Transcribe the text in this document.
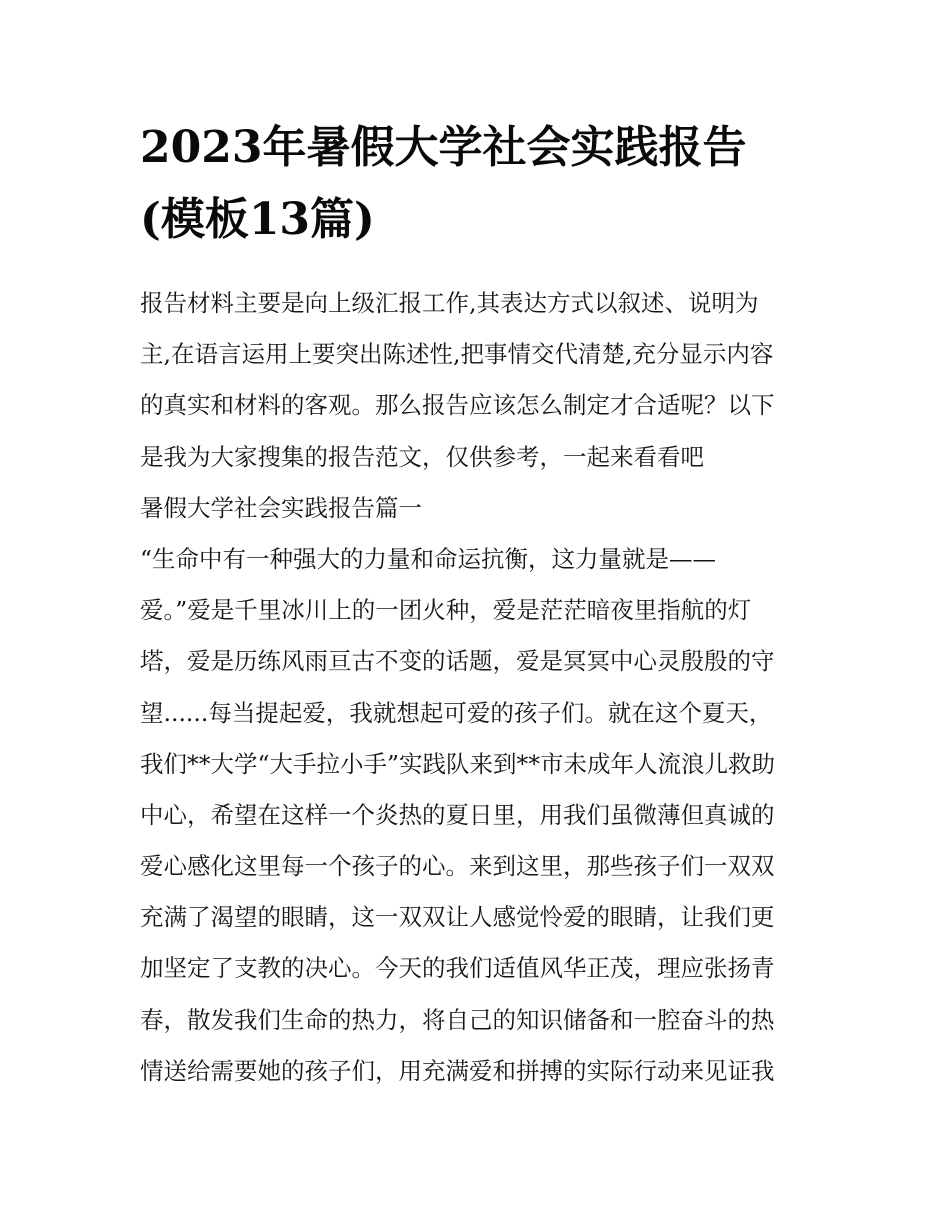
2023年暑假大学社会实践报告
(模板13篇)
报告材料主要是向上级汇报工作,其表达方式以叙述、说明为
主,在语言运用上要突出陈述性,把事情交代清楚,充分显示内容
的真实和材料的客观。那么报告应该怎么制定才合适呢？以下
是我为大家搜集的报告范文，仅供参考，一起来看看吧
暑假大学社会实践报告篇一
“生命中有一种强大的力量和命运抗衡，这力量就是——
爱。”爱是千里冰川上的一团火种，爱是茫茫暗夜里指航的灯
塔，爱是历练风雨亘古不变的话题，爱是冥冥中心灵殷殷的守
望......每当提起爱，我就想起可爱的孩子们。就在这个夏天，
我们**大学“大手拉小手”实践队来到**市未成年人流浪儿救助
中心，希望在这样一个炎热的夏日里，用我们虽微薄但真诚的
爱心感化这里每一个孩子的心。来到这里，那些孩子们一双双
充满了渴望的眼睛，这一双双让人感觉怜爱的眼睛，让我们更
加坚定了支教的决心。今天的我们适值风华正茂，理应张扬青
春，散发我们生命的热力，将自己的知识储备和一腔奋斗的热
情送给需要她的孩子们，用充满爱和拼搏的实际行动来见证我
